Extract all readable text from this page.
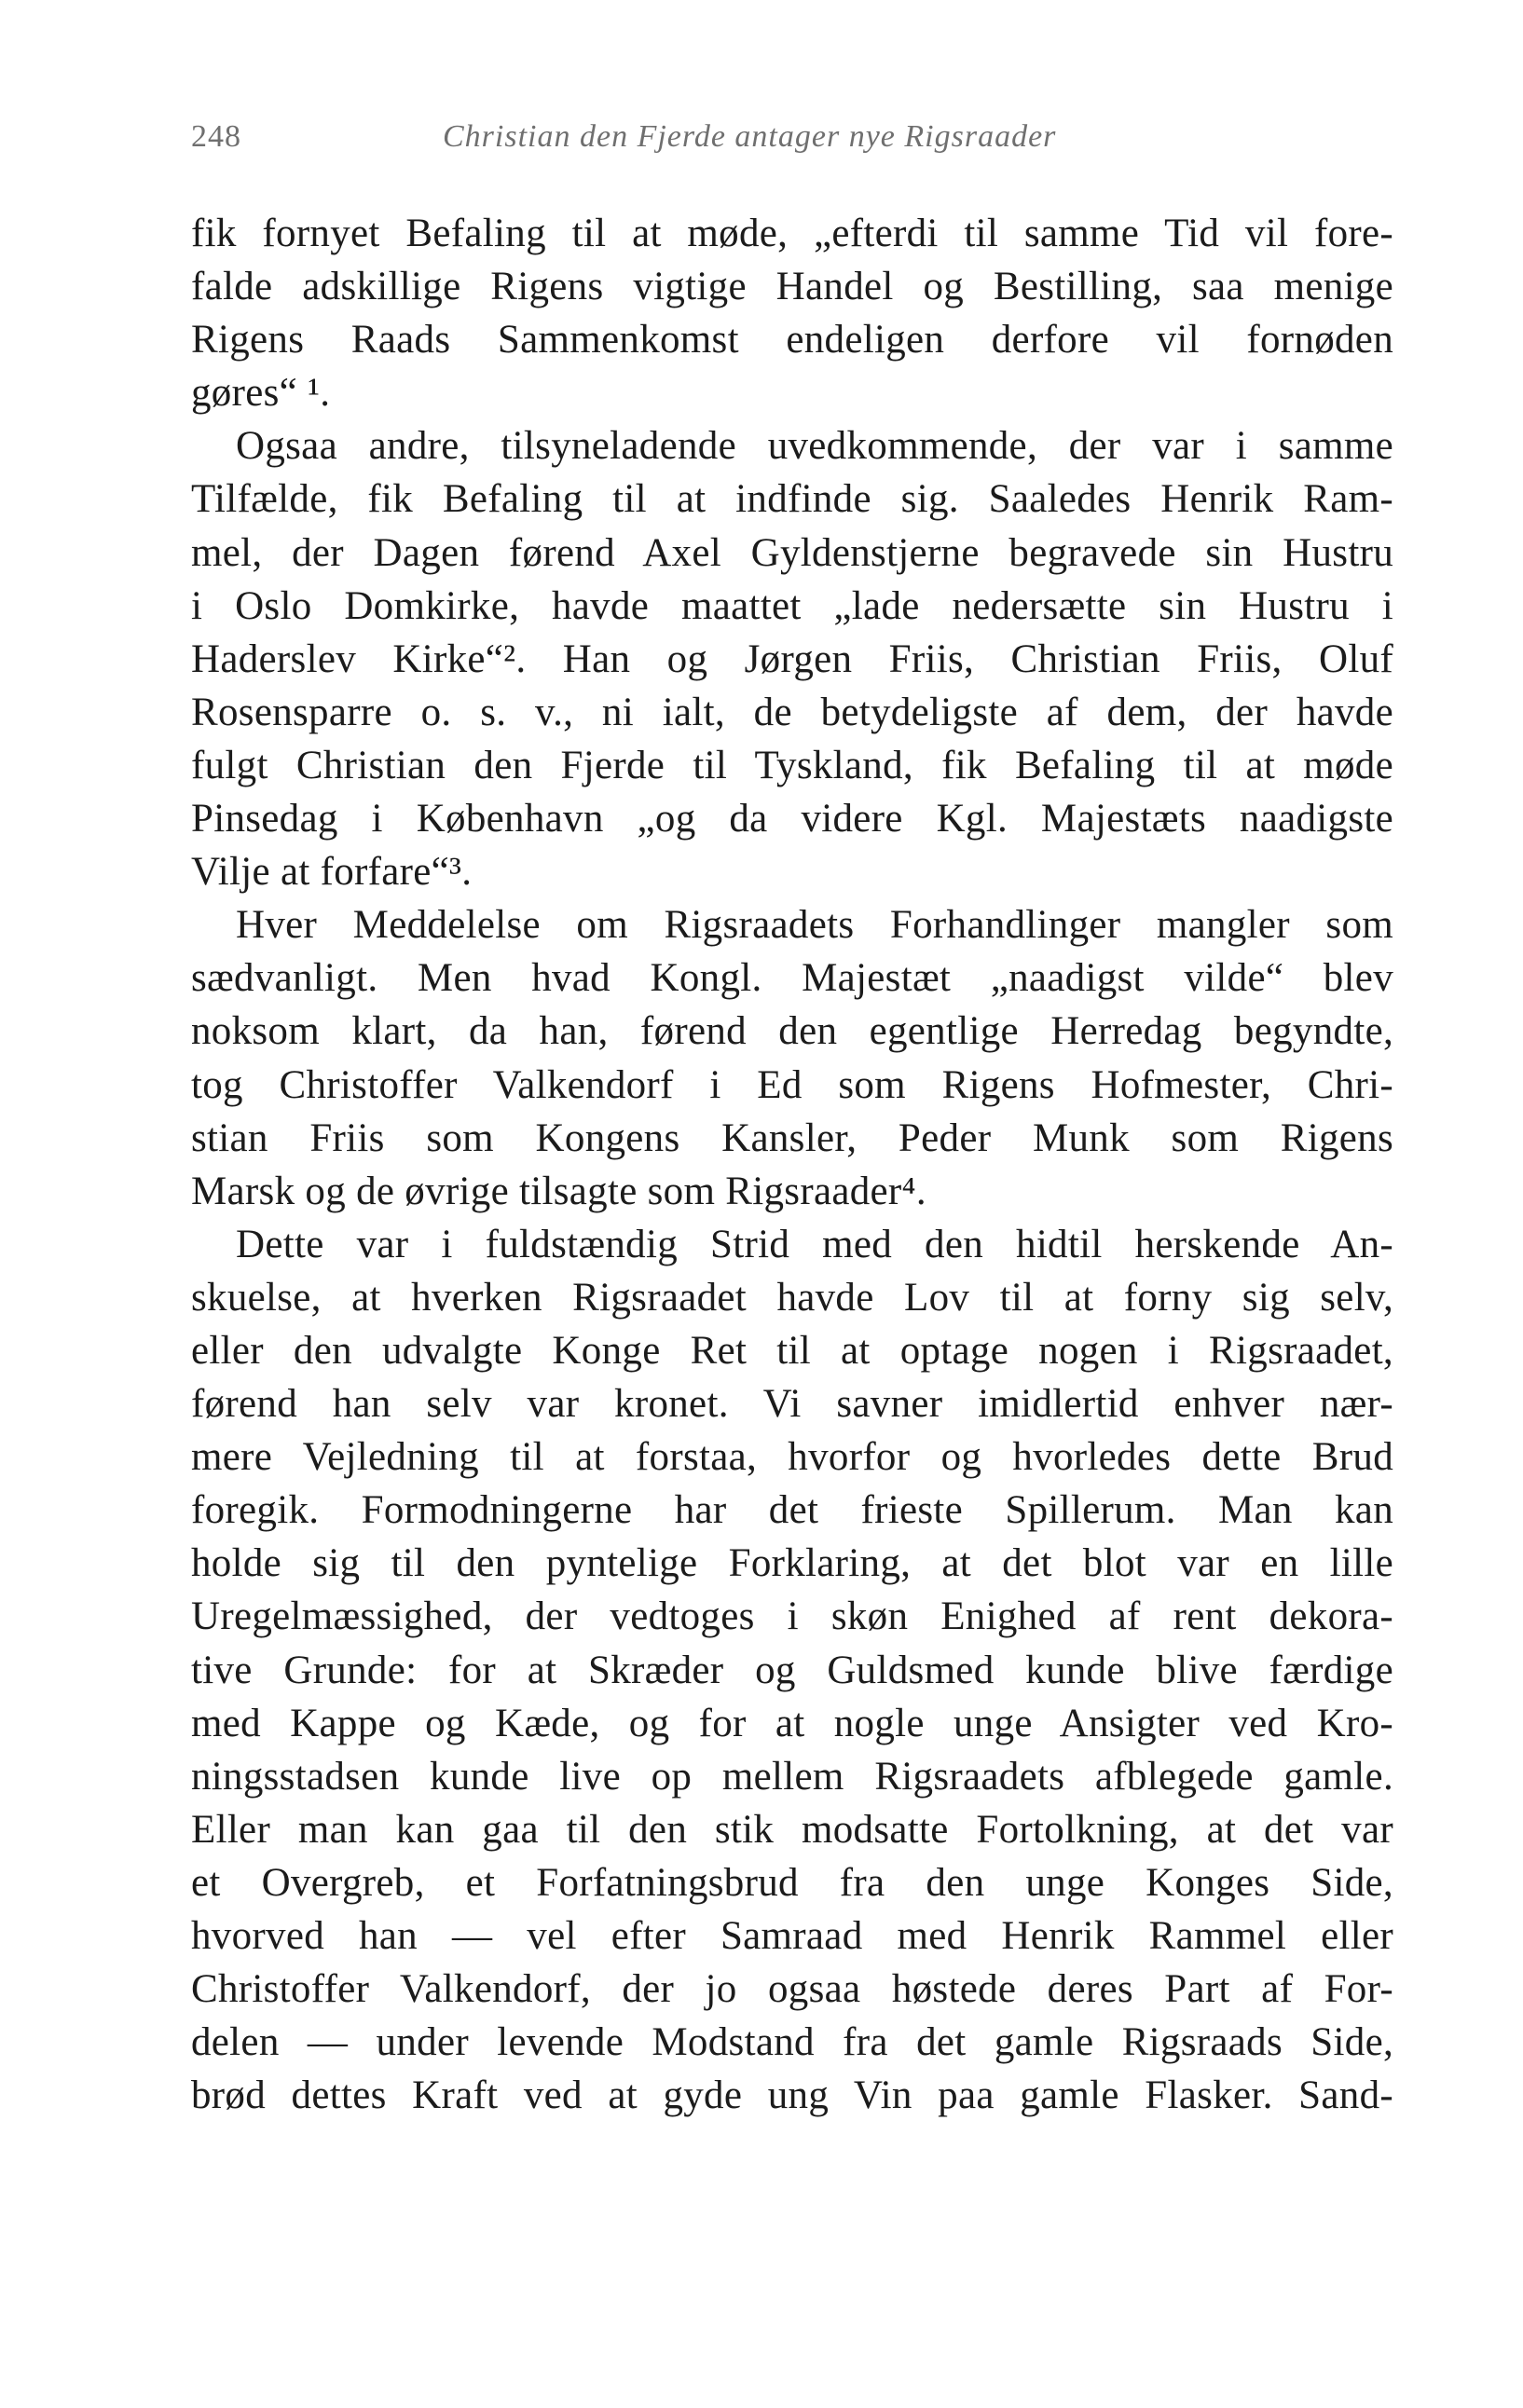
248	Christian den Fjerde antager nye Rigsraader
fik fornyet Befaling til at møde, „efterdi til samme Tid vil fore-
falde adskillige Rigens vigtige Handel og Bestilling, saa menige
Rigens Raads Sammenkomst endeligen derfore vil fornøden
gøres“ ¹.
Ogsaa andre, tilsyneladende uvedkommende, der var i samme
Tilfælde, fik Befaling til at indfinde sig. Saaledes Henrik Ram-
mel, der Dagen førend Axel Gyldenstjerne begravede sin Hustru
i Oslo Domkirke, havde maattet „lade nedersætte sin Hustru i
Haderslev Kirke“². Han og Jørgen Friis, Christian Friis, Oluf
Rosensparre o. s. v., ni ialt, de betydeligste af dem, der havde
fulgt Christian den Fjerde til Tyskland, fik Befaling til at møde
Pinsedag i København „og da videre Kgl. Majestæts naadigste
Vilje at forfare“³.
Hver Meddelelse om Rigsraadets Forhandlinger mangler som
sædvanligt. Men hvad Kongl. Majestæt „naadigst vilde“ blev
noksom klart, da han, førend den egentlige Herredag begyndte,
tog Christoffer Valkendorf i Ed som Rigens Hofmester, Chri-
stian Friis som Kongens Kansler, Peder Munk som Rigens
Marsk og de øvrige tilsagte som Rigsraader⁴.
Dette var i fuldstændig Strid med den hidtil herskende An-
skuelse, at hverken Rigsraadet havde Lov til at forny sig selv,
eller den udvalgte Konge Ret til at optage nogen i Rigsraadet,
førend han selv var kronet. Vi savner imidlertid enhver nær-
mere Vejledning til at forstaa, hvorfor og hvorledes dette Brud
foregik. Formodningerne har det frieste Spillerum. Man kan
holde sig til den pyntelige Forklaring, at det blot var en lille
Uregelmæssighed, der vedtoges i skøn Enighed af rent dekora-
tive Grunde: for at Skræder og Guldsmed kunde blive færdige
med Kappe og Kæde, og for at nogle unge Ansigter ved Kro-
ningsstadsen kunde live op mellem Rigsraadets afblegede gamle.
Eller man kan gaa til den stik modsatte Fortolkning, at det var
et Overgreb, et Forfatningsbrud fra den unge Konges Side,
hvorved han — vel efter Samraad med Henrik Rammel eller
Christoffer Valkendorf, der jo ogsaa høstede deres Part af For-
delen — under levende Modstand fra det gamle Rigsraads Side,
brød dettes Kraft ved at gyde ung Vin paa gamle Flasker. Sand-
